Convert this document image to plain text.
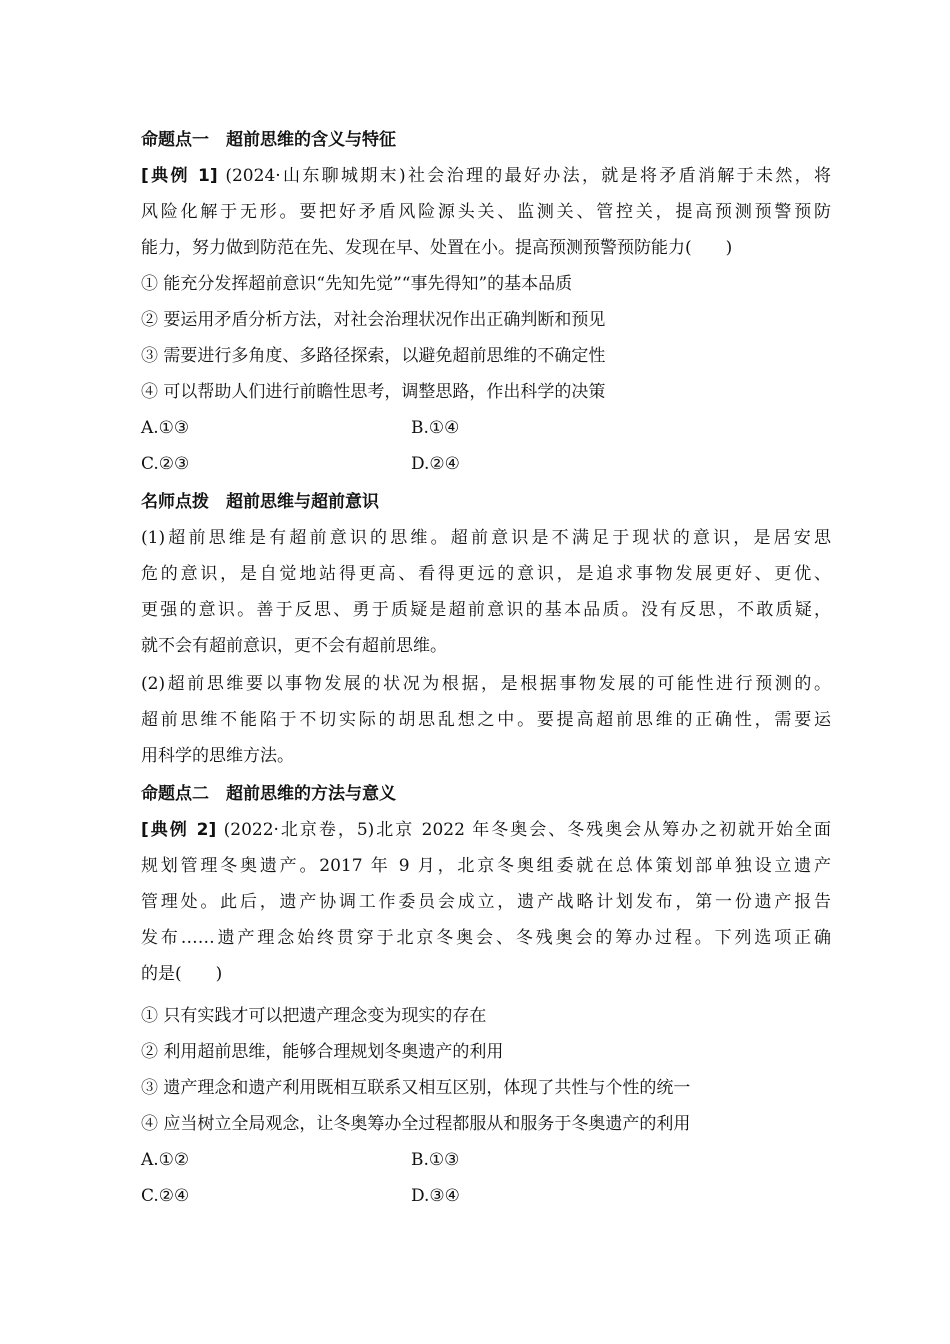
命题点一　超前思维的含义与特征
[典例 1] (2024·山东聊城期末)社会治理的最好办法，就是将矛盾消解于未然，将
风险化解于无形。要把好矛盾风险源头关、监测关、管控关，提高预测预警预防
能力，努力做到防范在先、发现在早、处置在小。提高预测预警预防能力(　　)
① 能充分发挥超前意识“先知先觉”“事先得知”的基本品质
② 要运用矛盾分析方法，对社会治理状况作出正确判断和预见
③ 需要进行多角度、多路径探索，以避免超前思维的不确定性
④ 可以帮助人们进行前瞻性思考，调整思路，作出科学的决策
A.①③	B.①④
C.②③	D.②④
名师点拨　超前思维与超前意识
(1)超前思维是有超前意识的思维。超前意识是不满足于现状的意识，是居安思
危的意识，是自觉地站得更高、看得更远的意识，是追求事物发展更好、更优、
更强的意识。善于反思、勇于质疑是超前意识的基本品质。没有反思，不敢质疑，
就不会有超前意识，更不会有超前思维。
(2)超前思维要以事物发展的状况为根据，是根据事物发展的可能性进行预测的。
超前思维不能陷于不切实际的胡思乱想之中。要提高超前思维的正确性，需要运
用科学的思维方法。
命题点二　超前思维的方法与意义
[典例 2] (2022·北京卷，5)北京 2022 年冬奥会、冬残奥会从筹办之初就开始全面
规划管理冬奥遗产。2017 年 9 月，北京冬奥组委就在总体策划部单独设立遗产
管理处。此后，遗产协调工作委员会成立，遗产战略计划发布，第一份遗产报告
发布……遗产理念始终贯穿于北京冬奥会、冬残奥会的筹办过程。下列选项正确
的是(　　)
① 只有实践才可以把遗产理念变为现实的存在
② 利用超前思维，能够合理规划冬奥遗产的利用
③ 遗产理念和遗产利用既相互联系又相互区别，体现了共性与个性的统一
④ 应当树立全局观念，让冬奥筹办全过程都服从和服务于冬奥遗产的利用
A.①②	B.①③
C.②④	D.③④
